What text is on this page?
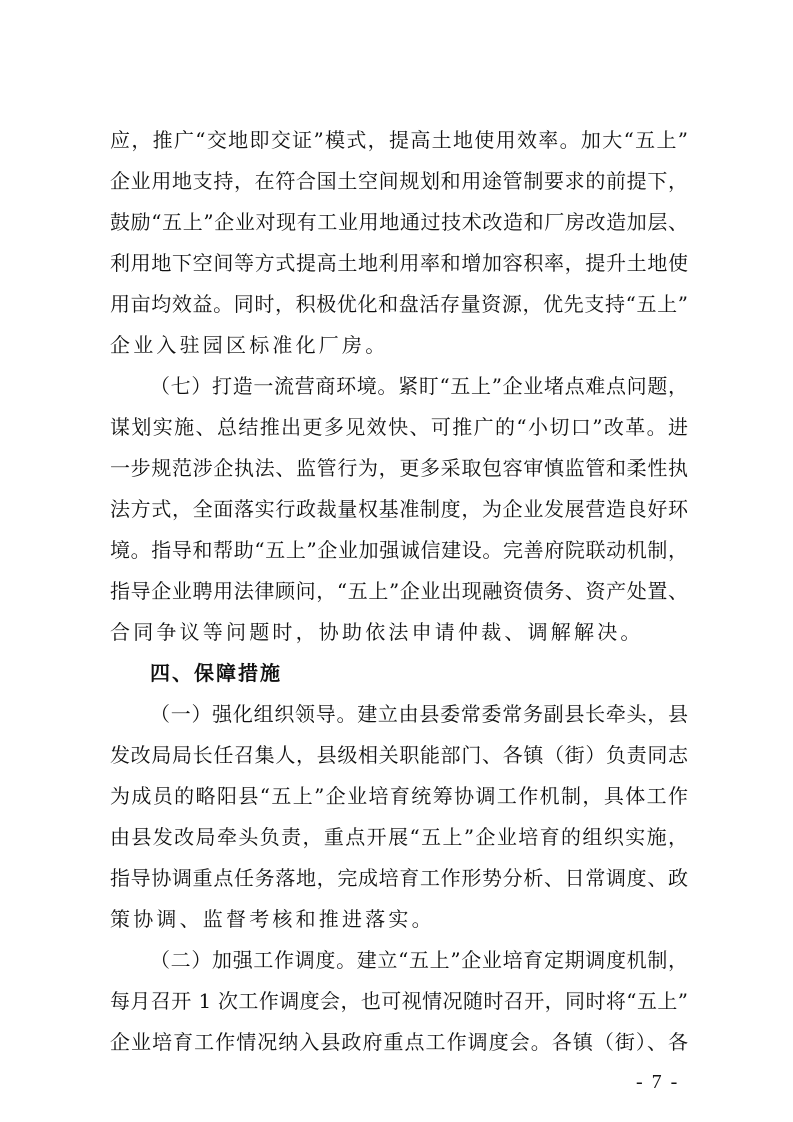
应，推广“交地即交证”模式，提高土地使用效率。加大“五上”
企业用地支持，在符合国土空间规划和用途管制要求的前提下，
鼓励“五上”企业对现有工业用地通过技术改造和厂房改造加层、
利用地下空间等方式提高土地利用率和增加容积率，提升土地使
用亩均效益。同时，积极优化和盘活存量资源，优先支持“五上”
企业入驻园区标准化厂房。
（七）打造一流营商环境。紧盯“五上”企业堵点难点问题，
谋划实施、总结推出更多见效快、可推广的“小切口”改革。进
一步规范涉企执法、监管行为，更多采取包容审慎监管和柔性执
法方式，全面落实行政裁量权基准制度，为企业发展营造良好环
境。指导和帮助“五上”企业加强诚信建设。完善府院联动机制，
指导企业聘用法律顾问，“五上”企业出现融资债务、资产处置、
合同争议等问题时，协助依法申请仲裁、调解解决。
四、保障措施
（一）强化组织领导。建立由县委常委常务副县长牵头，县
发改局局长任召集人，县级相关职能部门、各镇（街）负责同志
为成员的略阳县“五上”企业培育统筹协调工作机制，具体工作
由县发改局牵头负责，重点开展“五上”企业培育的组织实施，
指导协调重点任务落地，完成培育工作形势分析、日常调度、政
策协调、监督考核和推进落实。
（二）加强工作调度。建立“五上”企业培育定期调度机制，
每月召开 1 次工作调度会，也可视情况随时召开，同时将“五上”
企业培育工作情况纳入县政府重点工作调度会。各镇（街）、各
- 7 -
